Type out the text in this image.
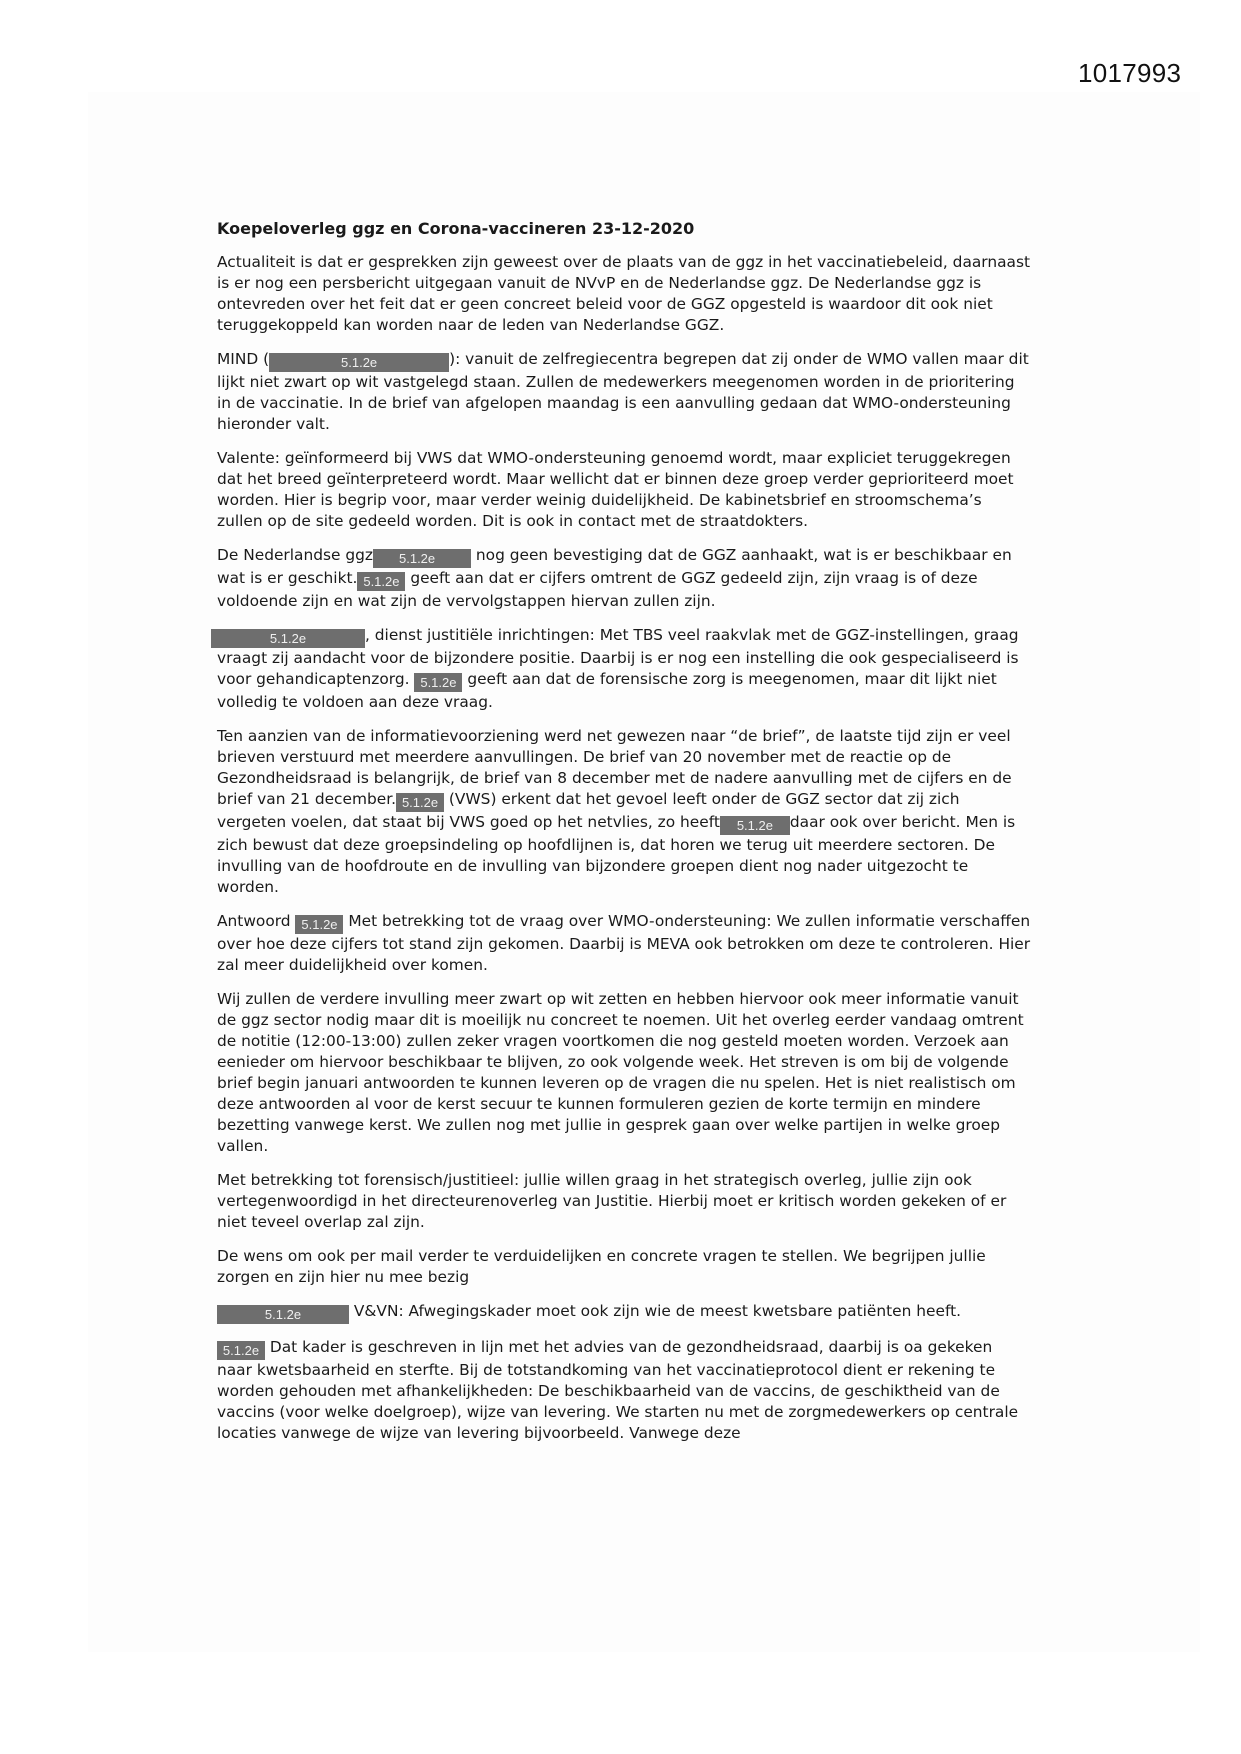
1017993
Koepeloverleg ggz en Corona-vaccineren 23-12-2020

Actualiteit is dat er gesprekken zijn geweest over de plaats van de ggz in het vaccinatiebeleid, daarnaast is er nog een persbericht uitgegaan vanuit de NVvP en de Nederlandse ggz. De Nederlandse ggz is ontevreden over het feit dat er geen concreet beleid voor de GGZ opgesteld is waardoor dit ook niet teruggekoppeld kan worden naar de leden van Nederlandse GGZ.

MIND (	5.1.2e	): vanuit de zelfregiecentra begrepen dat zij onder de WMO vallen maar dit lijkt niet zwart op wit vastgelegd staan. Zullen de medewerkers meegenomen worden in de prioritering in de vaccinatie. In de brief van afgelopen maandag is een aanvulling gedaan dat WMO-ondersteuning hieronder valt.

Valente: geïnformeerd bij VWS dat WMO-ondersteuning genoemd wordt, maar expliciet teruggekregen dat het breed geïnterpreteerd wordt. Maar wellicht dat er binnen deze groep verder geprioriteerd moet worden. Hier is begrip voor, maar verder weinig duidelijkheid. De kabinetsbrief en stroomschema’s zullen op de site gedeeld worden. Dit is ook in contact met de straatdokters.

De Nederlandse ggz 5.1.2e nog geen bevestiging dat de GGZ aanhaakt, wat is er beschikbaar en wat is er geschikt. 5.1.2e geeft aan dat er cijfers omtrent de GGZ gedeeld zijn, zijn vraag is of deze voldoende zijn en wat zijn de vervolgstappen hiervan zullen zijn.

5.1.2e	, dienst justitiële inrichtingen: Met TBS veel raakvlak met de GGZ-instellingen, graag vraagt zij aandacht voor de bijzondere positie. Daarbij is er nog een instelling die ook gespecialiseerd is voor gehandicaptenzorg. 5.1.2e geeft aan dat de forensische zorg is meegenomen, maar dit lijkt niet volledig te voldoen aan deze vraag.

Ten aanzien van de informatievoorziening werd net gewezen naar “de brief”, de laatste tijd zijn er veel brieven verstuurd met meerdere aanvullingen. De brief van 20 november met de reactie op de Gezondheidsraad is belangrijk, de brief van 8 december met de nadere aanvulling met de cijfers en de brief van 21 december. 5.1.2e (VWS) erkent dat het gevoel leeft onder de GGZ sector dat zij zich vergeten voelen, dat staat bij VWS goed op het netvlies, zo heeft 5.1.2e daar ook over bericht. Men is zich bewust dat deze groepsindeling op hoofdlijnen is, dat horen we terug uit meerdere sectoren. De invulling van de hoofdroute en de invulling van bijzondere groepen dient nog nader uitgezocht te worden.

Antwoord 5.1.2e Met betrekking tot de vraag over WMO-ondersteuning: We zullen informatie verschaffen over hoe deze cijfers tot stand zijn gekomen. Daarbij is MEVA ook betrokken om deze te controleren. Hier zal meer duidelijkheid over komen.

Wij zullen de verdere invulling meer zwart op wit zetten en hebben hiervoor ook meer informatie vanuit de ggz sector nodig maar dit is moeilijk nu concreet te noemen. Uit het overleg eerder vandaag omtrent de notitie (12:00-13:00) zullen zeker vragen voortkomen die nog gesteld moeten worden. Verzoek aan eenieder om hiervoor beschikbaar te blijven, zo ook volgende week. Het streven is om bij de volgende brief begin januari antwoorden te kunnen leveren op de vragen die nu spelen. Het is niet realistisch om deze antwoorden al voor de kerst secuur te kunnen formuleren gezien de korte termijn en mindere bezetting vanwege kerst. We zullen nog met jullie in gesprek gaan over welke partijen in welke groep vallen.

Met betrekking tot forensisch/justitieel: jullie willen graag in het strategisch overleg, jullie zijn ook vertegenwoordigd in het directeurenoverleg van Justitie. Hierbij moet er kritisch worden gekeken of er niet teveel overlap zal zijn.

De wens om ook per mail verder te verduidelijken en concrete vragen te stellen. We begrijpen jullie zorgen en zijn hier nu mee bezig

5.1.2e	V&VN: Afwegingskader moet ook zijn wie de meest kwetsbare patiënten heeft.

5.1.2e Dat kader is geschreven in lijn met het advies van de gezondheidsraad, daarbij is oa gekeken naar kwetsbaarheid en sterfte. Bij de totstandkoming van het vaccinatieprotocol dient er rekening te worden gehouden met afhankelijkheden: De beschikbaarheid van de vaccins, de geschiktheid van de vaccins (voor welke doelgroep), wijze van levering. We starten nu met de zorgmedewerkers op centrale locaties vanwege de wijze van levering bijvoorbeeld. Vanwege deze
